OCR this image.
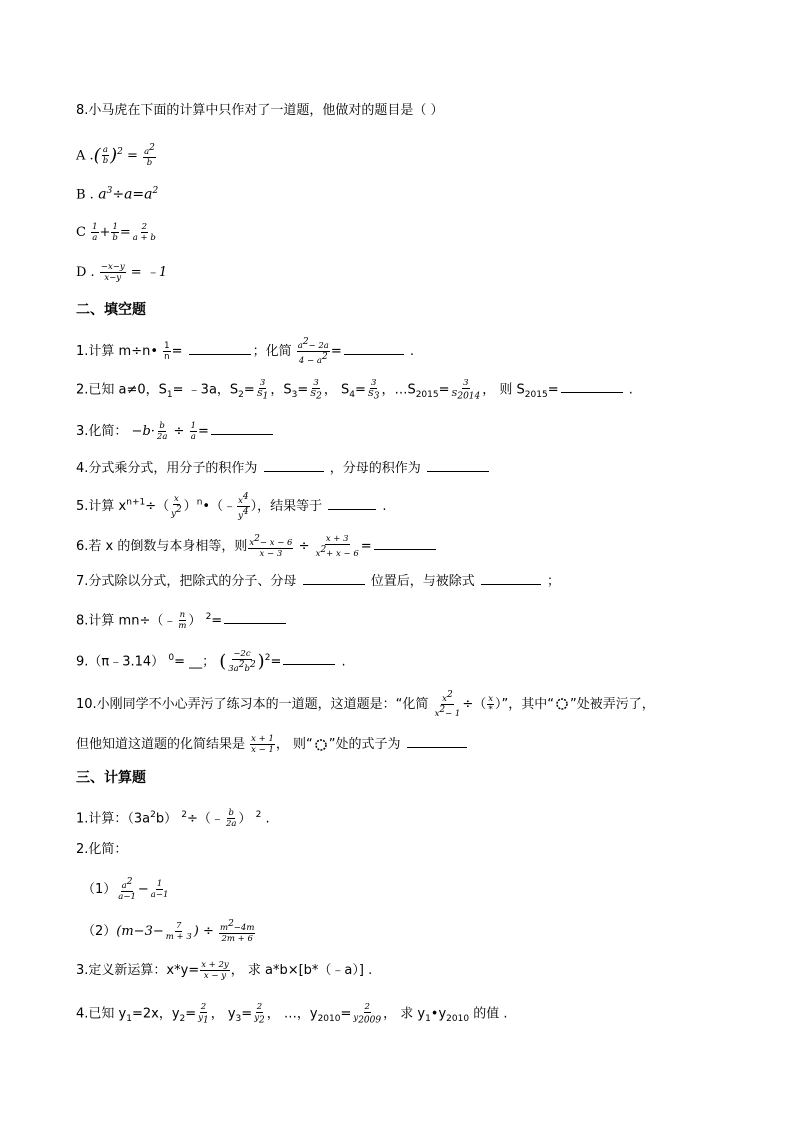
8.小马虎在下面的计算中只作对了一道题，他做对的题目是（ ）
A .( $\frac{a}{b} )^2 = \frac{a^2}{b}$
B . $a^3\div a=a^2$
C $\frac{1}{a} + \frac{1}{b} = \frac{2}{a + b}$
D . $\frac{-x-y}{x-y}$ = ﹣1
二、填空题
1.计算 m÷n• $\frac{1}{n}$ =	；化简 $\frac{a^2- 2a}{4 - a^2}$ =	.
2.已知 a≠0，$S_1=$ ﹣3a，$S_2= \frac{3}{S_1}$ ，$S_3= \frac{3}{S_2}$ ， $S_4= \frac{3}{S_3}$ ，$\dots S_{2015}= \frac{3}{S_{2014}}$ ， 则 $S_{2015}=$	.
3.化简： $-b\cdot \frac{b}{2a} \div \frac{1}{a}$ =
4.分式乘分式，用分子的积作为	，分母的积作为
5.计算 $x^{n+1}\div( \frac{x}{y^2}$ ）$^n•(﹣ \frac{x^4}{y^4}$ ），结果等于	.
6.若 x 的倒数与本身相等，则 $\frac{x^2- x - 6}{x - 3} \div \frac{x + 3}{x^2+ x - 6}$ =
7.分式除以分式，把除式的分子、分母	位置后，与被除式	；
8.计算 mn÷（﹣ $\frac{n}{m}$ ） $^2$=
9.（π﹣3.14） $^0$= __； ( $\frac{-2c}{3a^2b^2} )^2=$	.
10.小刚同学不小心弄污了练习本的一道题，这道题是：“化简 $\frac{x^2}{x^2- 1}$ ÷（ $\frac{x}{*}$ ）”，其中“ ”处被弄污了，
但他知道这道题的化简结果是 $\frac{x + 1}{x - 1}$ ， 则“ ”处的式子为
三、计算题
1.计算：$(3a^2b)$ $^2$÷（﹣ $\frac{b}{2a}$ ） $^2$ .
2.化简：
$(1) \frac{a^2}{a-1} - \frac{1}{a-1}$
$(2)(m-3- \frac{7}{m + 3}$ ) ÷ $\frac{m^2-4m}{2m + 6}$
3.定义新运算：$x*y= \frac{x + 2y}{x - y}$ ， 求 a*b×[b*（﹣a）] .
4.已知 $y_1=2x$，$y_2= \frac{2}{y_1}$ ， $y_3= \frac{2}{y_2}$ ， …，$y_{2010}= \frac{2}{y_{2009}}$ ， 求 $y_1•y_{2010}$ 的值 .
